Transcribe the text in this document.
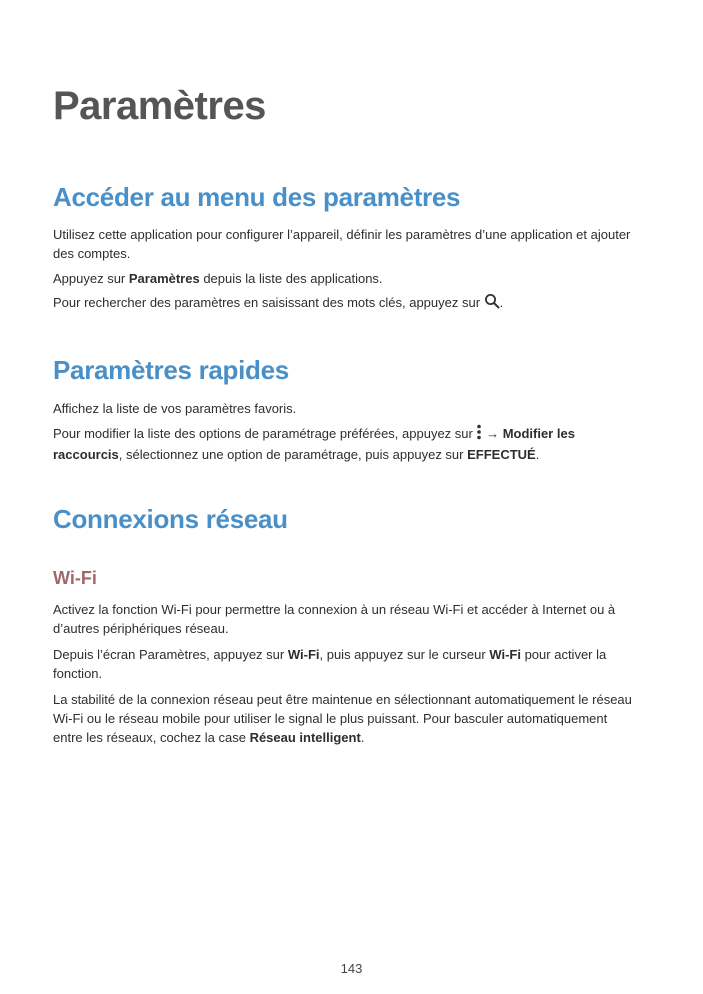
Paramètres
Accéder au menu des paramètres

Utilisez cette application pour configurer l’appareil, définir les paramètres d’une application et ajouter des comptes.

Appuyez sur Paramètres depuis la liste des applications.

Pour rechercher des paramètres en saisissant des mots clés, appuyez sur .

Paramètres rapides

Affichez la liste de vos paramètres favoris.

Pour modifier la liste des options de paramétrage préférées, appuyez sur  → Modifier les raccourcis, sélectionnez une option de paramétrage, puis appuyez sur EFFECTUÉ.

Connexions réseau
Wi-Fi

Activez la fonction Wi-Fi pour permettre la connexion à un réseau Wi-Fi et accéder à Internet ou à d’autres périphériques réseau.

Depuis l’écran Paramètres, appuyez sur Wi-Fi, puis appuyez sur le curseur Wi-Fi pour activer la fonction.

La stabilité de la connexion réseau peut être maintenue en sélectionnant automatiquement le réseau Wi-Fi ou le réseau mobile pour utiliser le signal le plus puissant. Pour basculer automatiquement entre les réseaux, cochez la case Réseau intelligent.

143
